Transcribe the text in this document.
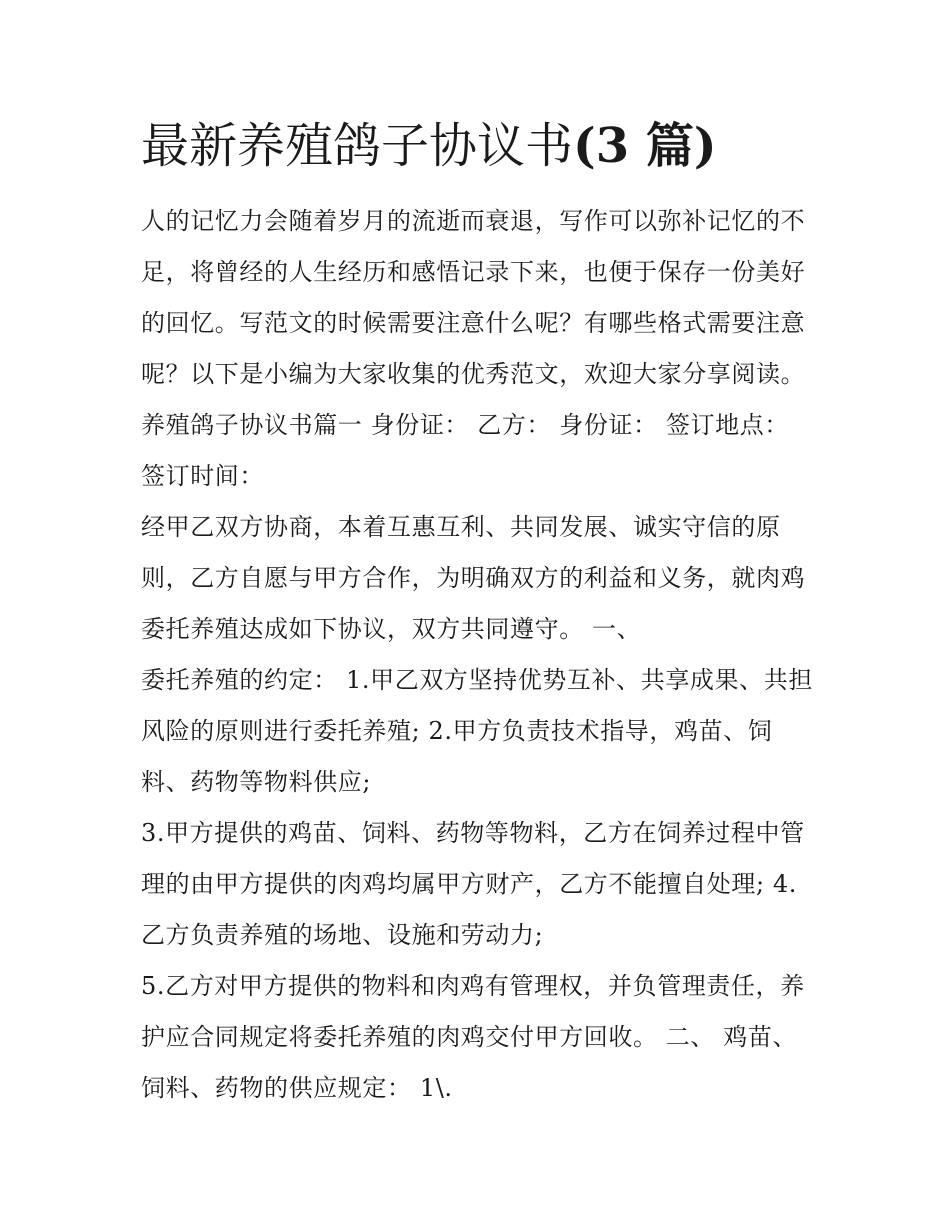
最新养殖鸽子协议书(3 篇)
人的记忆力会随着岁月的流逝而衰退，写作可以弥补记忆的不
足，将曾经的人生经历和感悟记录下来，也便于保存一份美好
的回忆。写范文的时候需要注意什么呢？有哪些格式需要注意
呢？以下是小编为大家收集的优秀范文，欢迎大家分享阅读。
养殖鸽子协议书篇一 身份证： 乙方： 身份证： 签订地点：
签订时间：
经甲乙双方协商，本着互惠互利、共同发展、诚实守信的原
则，乙方自愿与甲方合作，为明确双方的利益和义务，就肉鸡
委托养殖达成如下协议，双方共同遵守。 一、
委托养殖的约定： 1.甲乙双方坚持优势互补、共享成果、共担
风险的原则进行委托养殖; 2.甲方负责技术指导，鸡苗、饲
料、药物等物料供应;
3.甲方提供的鸡苗、饲料、药物等物料，乙方在饲养过程中管
理的由甲方提供的肉鸡均属甲方财产，乙方不能擅自处理; 4.
乙方负责养殖的场地、设施和劳动力;
5.乙方对甲方提供的物料和肉鸡有管理权，并负管理责任，养
护应合同规定将委托养殖的肉鸡交付甲方回收。 二、 鸡苗、
饲料、药物的供应规定： 1\.
